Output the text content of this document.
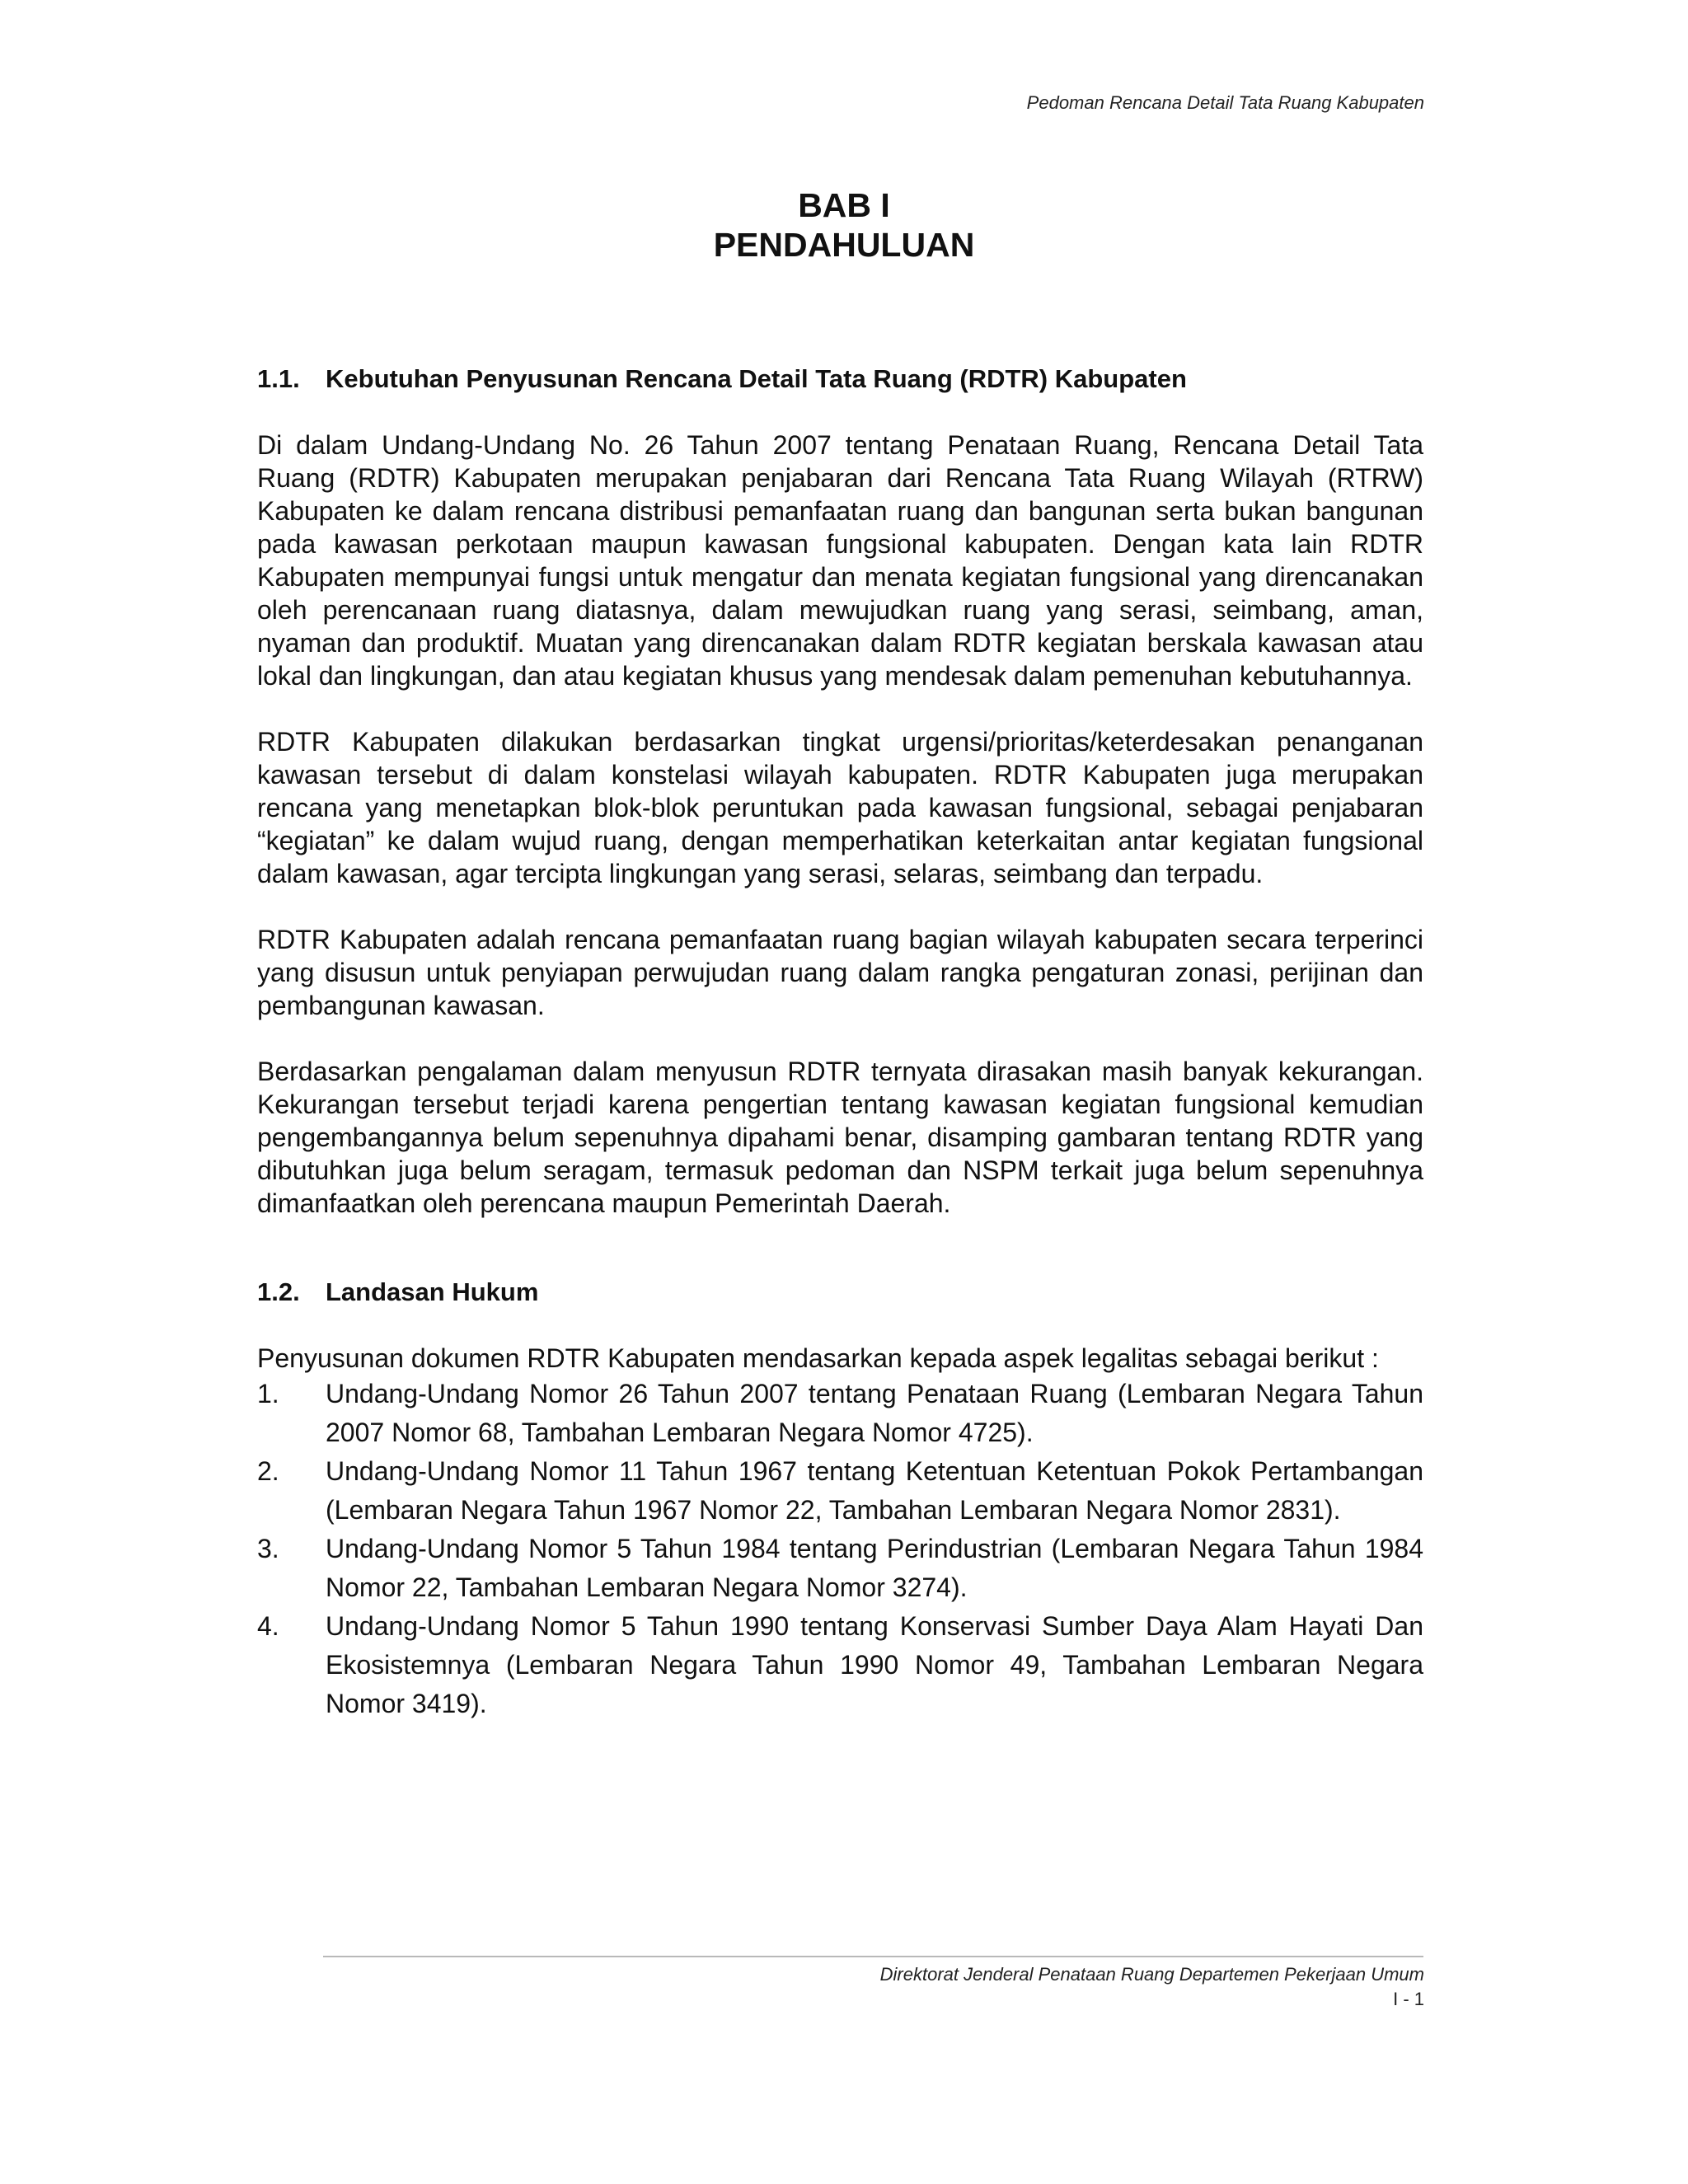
Pedoman Rencana Detail Tata Ruang Kabupaten
BAB I
PENDAHULUAN
1.1.	Kebutuhan Penyusunan Rencana Detail Tata Ruang (RDTR) Kabupaten

Di dalam Undang-Undang No. 26 Tahun 2007 tentang Penataan Ruang, Rencana Detail Tata Ruang (RDTR) Kabupaten merupakan penjabaran dari Rencana Tata Ruang Wilayah (RTRW) Kabupaten ke dalam rencana distribusi pemanfaatan ruang dan bangunan serta bukan bangunan pada kawasan perkotaan maupun kawasan fungsional kabupaten. Dengan kata lain RDTR Kabupaten mempunyai fungsi untuk mengatur dan menata kegiatan fungsional yang direncanakan oleh perencanaan ruang diatasnya, dalam mewujudkan ruang yang serasi, seimbang, aman, nyaman dan produktif. Muatan yang direncanakan dalam RDTR kegiatan berskala kawasan atau lokal dan lingkungan, dan atau kegiatan khusus yang mendesak dalam pemenuhan kebutuhannya.

RDTR Kabupaten dilakukan berdasarkan tingkat urgensi/prioritas/keterdesakan penanganan kawasan tersebut di dalam konstelasi wilayah kabupaten. RDTR Kabupaten juga merupakan rencana yang menetapkan blok-blok peruntukan pada kawasan fungsional, sebagai penjabaran “kegiatan” ke dalam wujud ruang, dengan memperhatikan keterkaitan antar kegiatan fungsional dalam kawasan, agar tercipta lingkungan yang serasi, selaras, seimbang dan terpadu.

RDTR Kabupaten adalah rencana pemanfaatan ruang bagian wilayah kabupaten secara terperinci yang disusun untuk penyiapan perwujudan ruang dalam rangka pengaturan zonasi, perijinan dan pembangunan kawasan.

Berdasarkan pengalaman dalam menyusun RDTR ternyata dirasakan masih banyak kekurangan. Kekurangan tersebut terjadi karena pengertian tentang kawasan kegiatan fungsional kemudian pengembangannya belum sepenuhnya dipahami benar, disamping gambaran tentang RDTR yang dibutuhkan juga belum seragam, termasuk pedoman dan NSPM terkait juga belum sepenuhnya dimanfaatkan oleh perencana maupun Pemerintah Daerah.

1.2.	Landasan Hukum

Penyusunan dokumen RDTR Kabupaten mendasarkan kepada aspek legalitas sebagai berikut :

1.	Undang-Undang Nomor 26 Tahun 2007 tentang Penataan Ruang (Lembaran Negara Tahun 2007 Nomor 68, Tambahan Lembaran Negara Nomor 4725).
2.	Undang-Undang Nomor 11 Tahun 1967 tentang Ketentuan Ketentuan Pokok Pertambangan (Lembaran Negara Tahun 1967 Nomor 22, Tambahan Lembaran Negara Nomor 2831).
3.	Undang-Undang Nomor 5 Tahun 1984 tentang Perindustrian (Lembaran Negara Tahun 1984 Nomor 22, Tambahan Lembaran Negara Nomor 3274).
4.	Undang-Undang Nomor 5 Tahun 1990 tentang Konservasi Sumber Daya Alam Hayati Dan Ekosistemnya (Lembaran Negara Tahun 1990 Nomor 49, Tambahan Lembaran Negara Nomor 3419).
Direktorat Jenderal Penataan Ruang Departemen Pekerjaan Umum
I - 1
